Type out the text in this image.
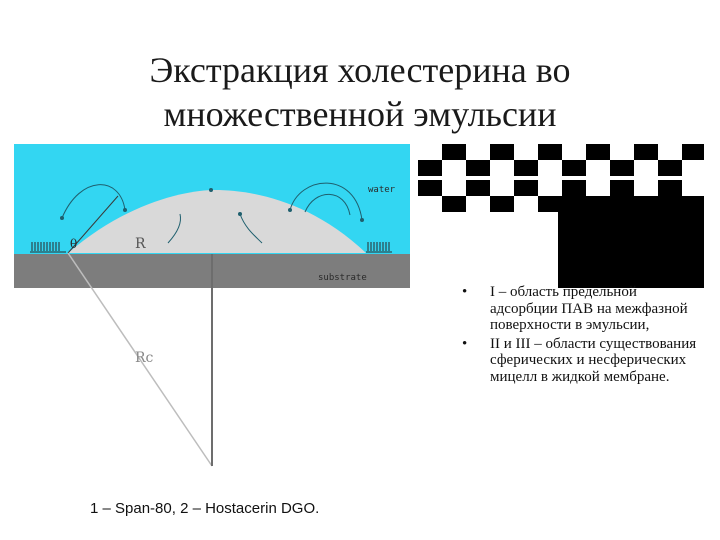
Экстракция холестерина во
множественной эмульсии
water
substrate
θ	R
Rc
• I – область предельной адсорбции ПАВ на межфазной поверхности в эмульсии,
• II и III – области существования сферических и несферических мицелл в жидкой мембране.
1 – Span-80, 2 – Hostacerin DGO.
